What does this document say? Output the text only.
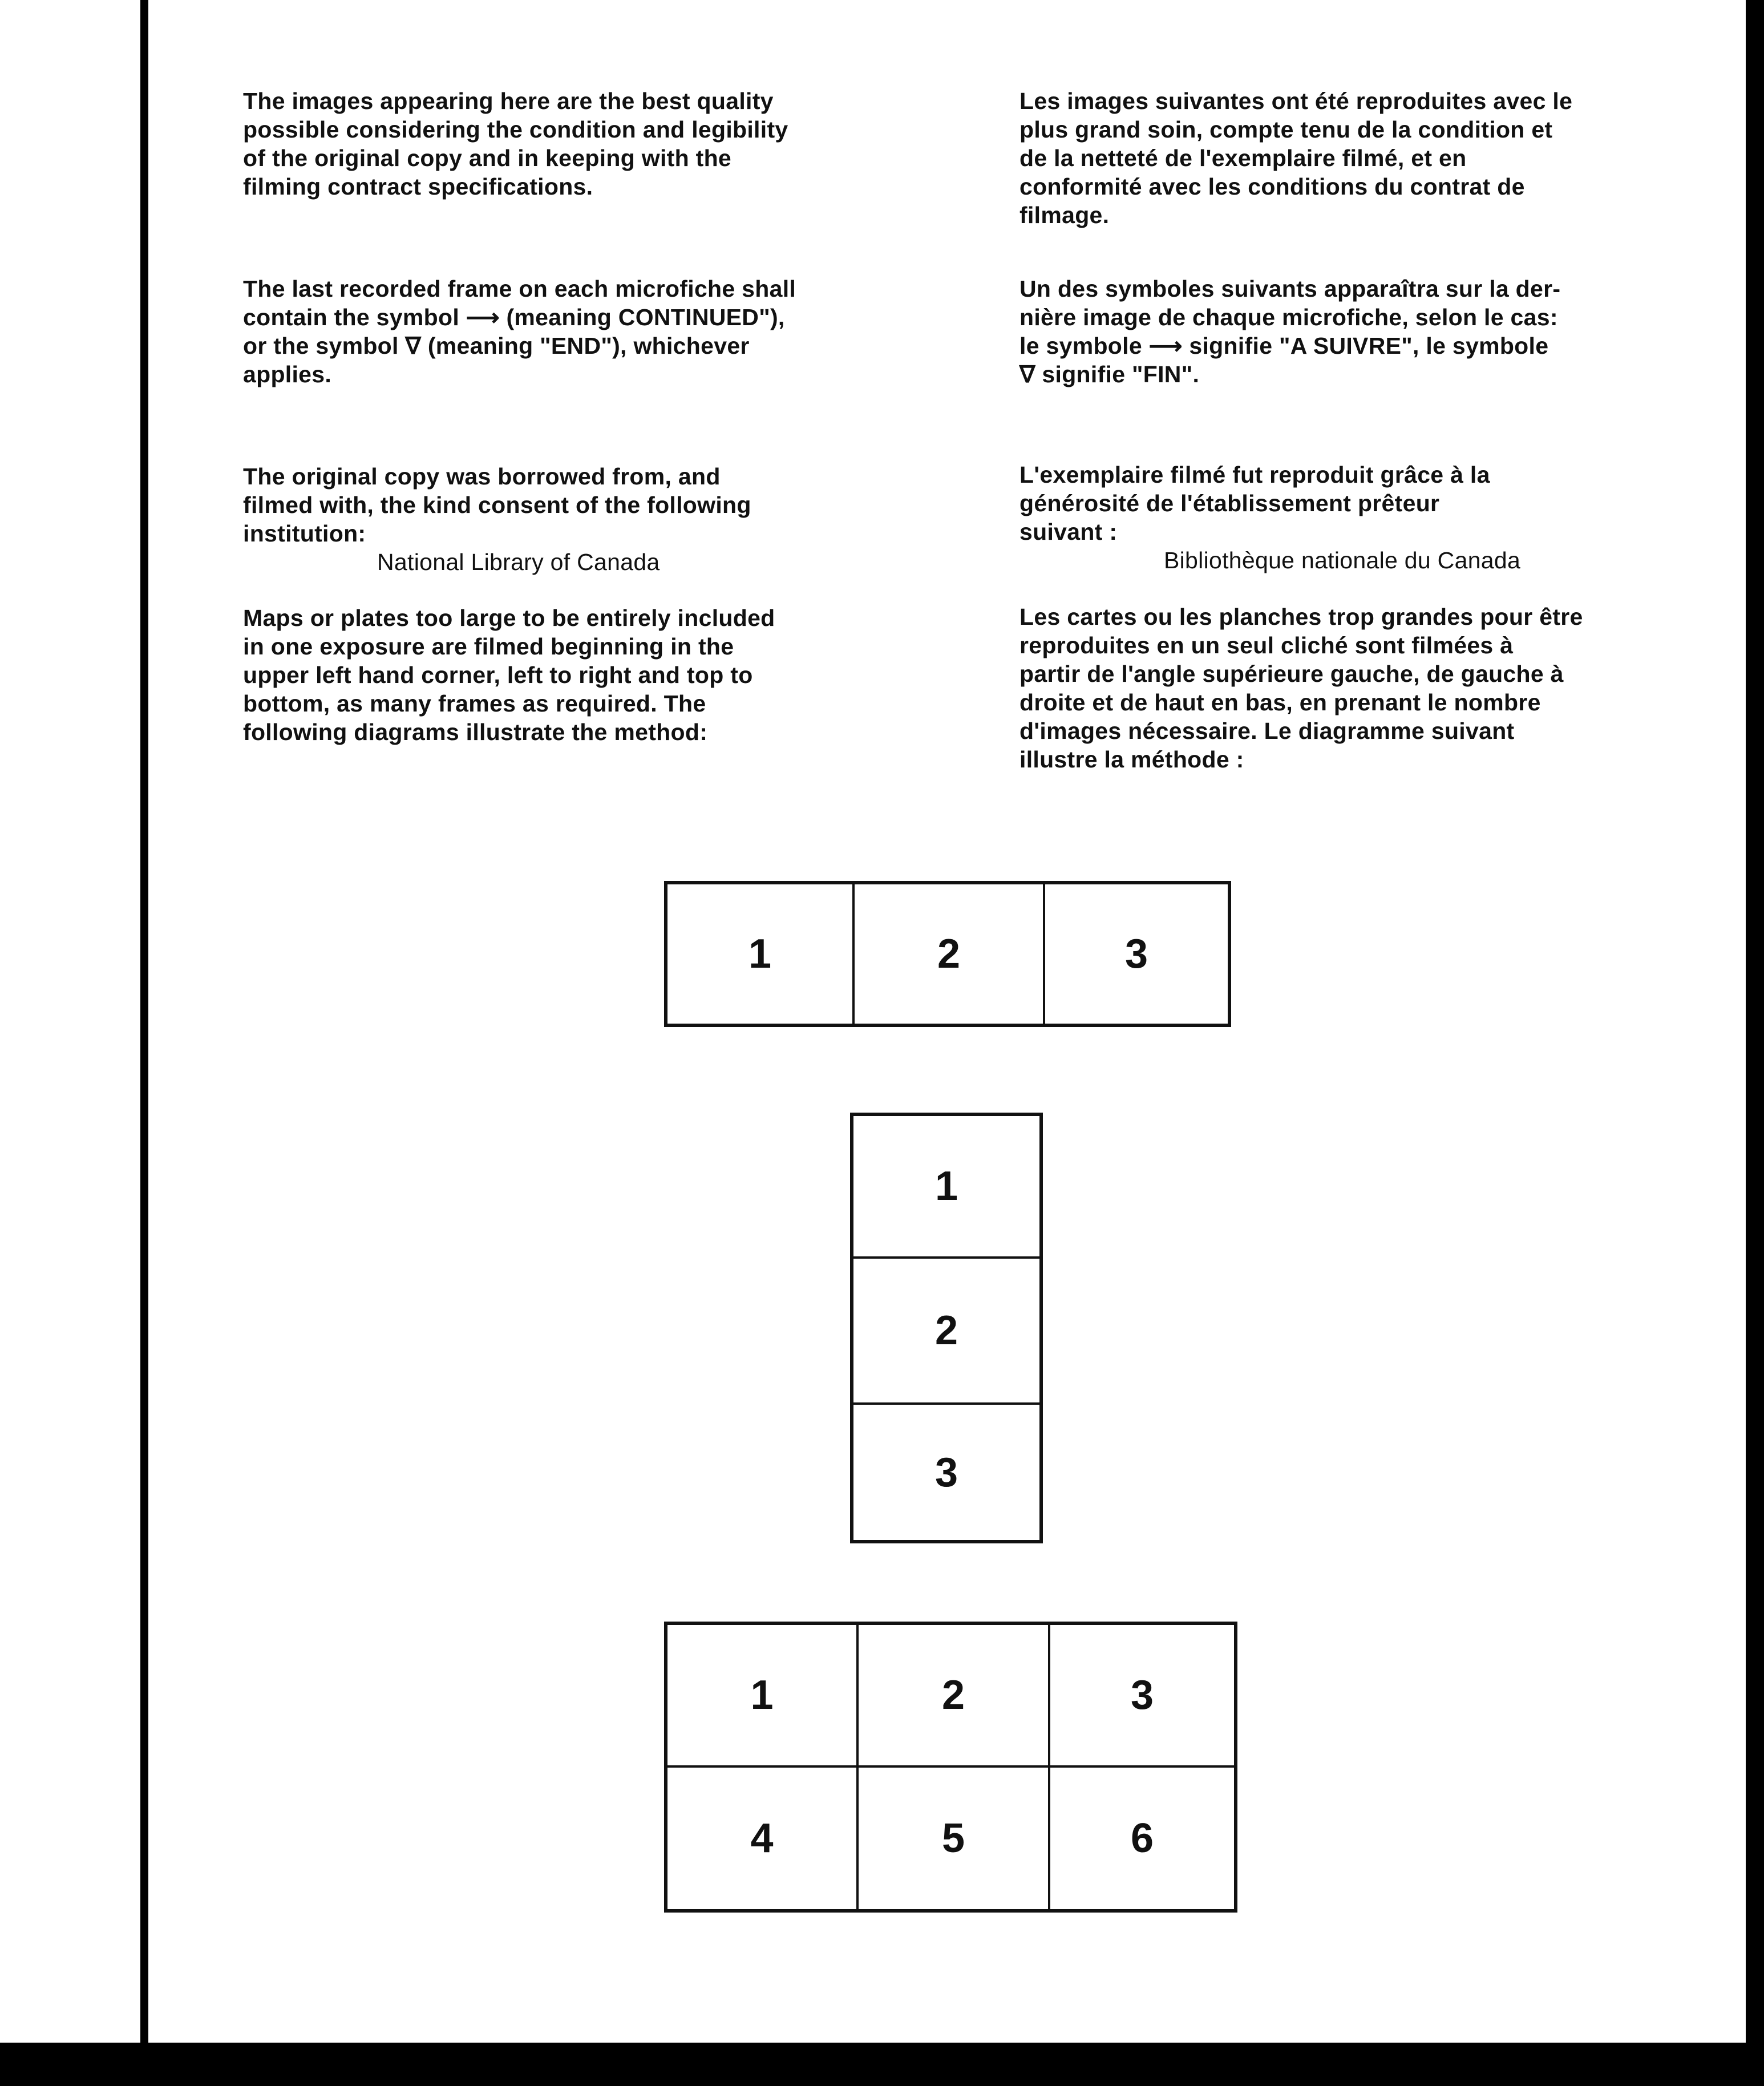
The images appearing here are the best quality
possible considering the condition and legibility
of the original copy and in keeping with the
filming contract specifications.
The last recorded frame on each microfiche shall
contain the symbol ⟶ (meaning CONTINUED"),
or the symbol ∇ (meaning "END"), whichever
applies.

The original copy was borrowed from, and
filmed with, the kind consent of the following
institution:

National Library of Canada

Maps or plates too large to be entirely included
in one exposure are filmed beginning in the
upper left hand corner, left to right and top to
bottom, as many frames as required. The
following diagrams illustrate the method:
Les images suivantes ont été reproduites avec le
plus grand soin, compte tenu de la condition et
de la netteté de l'exemplaire filmé, et en
conformité avec les conditions du contrat de
filmage.
Un des symboles suivants apparaîtra sur la der-
nière image de chaque microfiche, selon le cas:
le symbole ⟶ signifie "A SUIVRE", le symbole
∇ signifie "FIN".

L'exemplaire filmé fut reproduit grâce à la
générosité de l'établissement prêteur
suivant :

Bibliothèque nationale du Canada

Les cartes ou les planches trop grandes pour être
reproduites en un seul cliché sont filmées à
partir de l'angle supérieure gauche, de gauche à
droite et de haut en bas, en prenant le nombre
d'images nécessaire. Le diagramme suivant
illustre la méthode :
1	2	3
1
2
3
1	2	3
4	5	6
